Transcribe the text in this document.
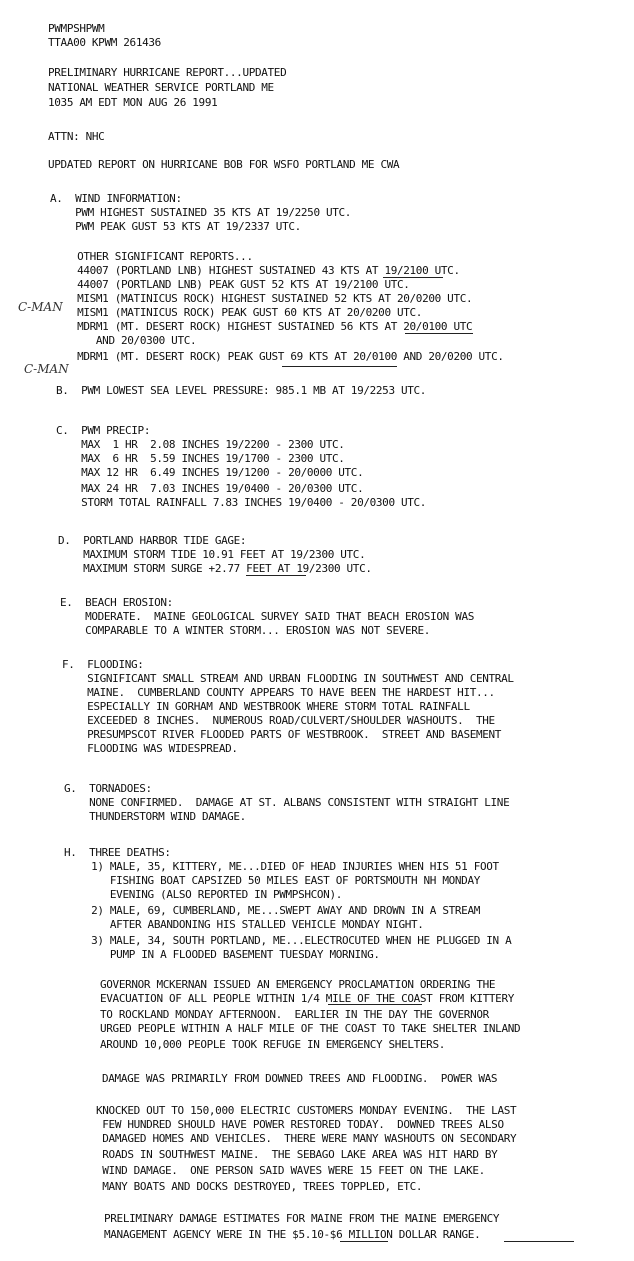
PWMPSHPWM
TTAA00 KPWM 261436
PRELIMINARY HURRICANE REPORT...UPDATED
NATIONAL WEATHER SERVICE PORTLAND ME
1035 AM EDT MON AUG 26 1991
ATTN: NHC
UPDATED REPORT ON HURRICANE BOB FOR WSFO PORTLAND ME CWA
A.  WIND INFORMATION:
PWM HIGHEST SUSTAINED 35 KTS AT 19/2250 UTC.
PWM PEAK GUST 53 KTS AT 19/2337 UTC.
OTHER SIGNIFICANT REPORTS...
44007 (PORTLAND LNB) HIGHEST SUSTAINED 43 KTS AT 19/2100 UTC.
44007 (PORTLAND LNB) PEAK GUST 52 KTS AT 19/2100 UTC.
MISM1 (MATINICUS ROCK) HIGHEST SUSTAINED 52 KTS AT 20/0200 UTC.
MISM1 (MATINICUS ROCK) PEAK GUST 60 KTS AT 20/0200 UTC.
MDRM1 (MT. DESERT ROCK) HIGHEST SUSTAINED 56 KTS AT 20/0100 UTC
AND 20/0300 UTC.
MDRM1 (MT. DESERT ROCK) PEAK GUST 69 KTS AT 20/0100 AND 20/0200 UTC.
C-MAN
C-MAN
B.  PWM LOWEST SEA LEVEL PRESSURE: 985.1 MB AT 19/2253 UTC.
C.  PWM PRECIP:
MAX  1 HR  2.08 INCHES 19/2200 - 2300 UTC.
MAX  6 HR  5.59 INCHES 19/1700 - 2300 UTC.
MAX 12 HR  6.49 INCHES 19/1200 - 20/0000 UTC.
MAX 24 HR  7.03 INCHES 19/0400 - 20/0300 UTC.
STORM TOTAL RAINFALL 7.83 INCHES 19/0400 - 20/0300 UTC.
D.  PORTLAND HARBOR TIDE GAGE:
MAXIMUM STORM TIDE 10.91 FEET AT 19/2300 UTC.
MAXIMUM STORM SURGE +2.77 FEET AT 19/2300 UTC.
E.  BEACH EROSION:
MODERATE.  MAINE GEOLOGICAL SURVEY SAID THAT BEACH EROSION WAS
COMPARABLE TO A WINTER STORM... EROSION WAS NOT SEVERE.
F.  FLOODING:
SIGNIFICANT SMALL STREAM AND URBAN FLOODING IN SOUTHWEST AND CENTRAL
MAINE.  CUMBERLAND COUNTY APPEARS TO HAVE BEEN THE HARDEST HIT...
ESPECIALLY IN GORHAM AND WESTBROOK WHERE STORM TOTAL RAINFALL
EXCEEDED 8 INCHES.  NUMEROUS ROAD/CULVERT/SHOULDER WASHOUTS.  THE
PRESUMPSCOT RIVER FLOODED PARTS OF WESTBROOK.  STREET AND BASEMENT
FLOODING WAS WIDESPREAD.
G.  TORNADOES:
NONE CONFIRMED.  DAMAGE AT ST. ALBANS CONSISTENT WITH STRAIGHT LINE
THUNDERSTORM WIND DAMAGE.
H.  THREE DEATHS:
1) MALE, 35, KITTERY, ME...DIED OF HEAD INJURIES WHEN HIS 51 FOOT
FISHING BOAT CAPSIZED 50 MILES EAST OF PORTSMOUTH NH MONDAY
EVENING (ALSO REPORTED IN PWMPSHCON).
2) MALE, 69, CUMBERLAND, ME...SWEPT AWAY AND DROWN IN A STREAM
AFTER ABANDONING HIS STALLED VEHICLE MONDAY NIGHT.
3) MALE, 34, SOUTH PORTLAND, ME...ELECTROCUTED WHEN HE PLUGGED IN A
PUMP IN A FLOODED BASEMENT TUESDAY MORNING.
GOVERNOR MCKERNAN ISSUED AN EMERGENCY PROCLAMATION ORDERING THE
EVACUATION OF ALL PEOPLE WITHIN 1/4 MILE OF THE COAST FROM KITTERY
TO ROCKLAND MONDAY AFTERNOON.  EARLIER IN THE DAY THE GOVERNOR
URGED PEOPLE WITHIN A HALF MILE OF THE COAST TO TAKE SHELTER INLAND
AROUND 10,000 PEOPLE TOOK REFUGE IN EMERGENCY SHELTERS.
DAMAGE WAS PRIMARILY FROM DOWNED TREES AND FLOODING.  POWER WAS
KNOCKED OUT TO 150,000 ELECTRIC CUSTOMERS MONDAY EVENING.  THE LAST
FEW HUNDRED SHOULD HAVE POWER RESTORED TODAY.  DOWNED TREES ALSO
DAMAGED HOMES AND VEHICLES.  THERE WERE MANY WASHOUTS ON SECONDARY
ROADS IN SOUTHWEST MAINE.  THE SEBAGO LAKE AREA WAS HIT HARD BY
WIND DAMAGE.  ONE PERSON SAID WAVES WERE 15 FEET ON THE LAKE.
MANY BOATS AND DOCKS DESTROYED, TREES TOPPLED, ETC.
PRELIMINARY DAMAGE ESTIMATES FOR MAINE FROM THE MAINE EMERGENCY
MANAGEMENT AGENCY WERE IN THE $5.10-$6 MILLION DOLLAR RANGE.
